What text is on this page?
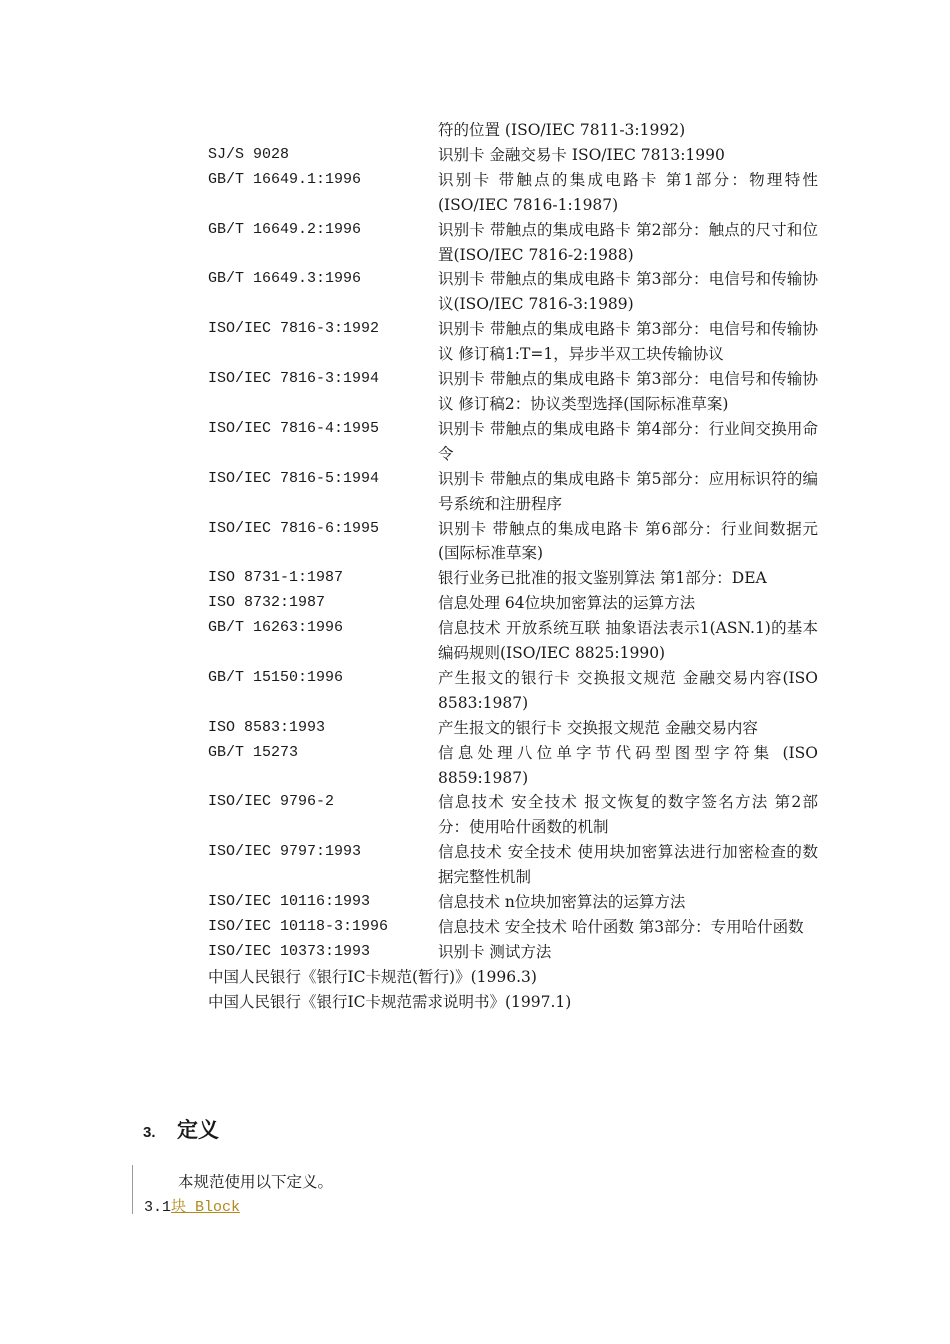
符的位置 (ISO/IEC 7811-3:1992)
SJ/S 9028	识别卡 金融交易卡 ISO/IEC 7813:1990
GB/T 16649.1:1996	识别卡 带触点的集成电路卡 第1部分：物理特性(ISO/IEC 7816-1:1987)
GB/T 16649.2:1996	识别卡 带触点的集成电路卡 第2部分：触点的尺寸和位置(ISO/IEC 7816-2:1988)
GB/T 16649.3:1996	识别卡 带触点的集成电路卡 第3部分：电信号和传输协议(ISO/IEC 7816-3:1989)
ISO/IEC 7816-3:1992	识别卡 带触点的集成电路卡 第3部分：电信号和传输协议 修订稿1:T=1，异步半双工块传输协议
ISO/IEC 7816-3:1994	识别卡 带触点的集成电路卡 第3部分：电信号和传输协议 修订稿2：协议类型选择(国际标准草案)
ISO/IEC 7816-4:1995	识别卡 带触点的集成电路卡 第4部分：行业间交换用命令
ISO/IEC 7816-5:1994	识别卡 带触点的集成电路卡 第5部分：应用标识符的编号系统和注册程序
ISO/IEC 7816-6:1995	识别卡 带触点的集成电路卡 第6部分：行业间数据元(国际标准草案)
ISO 8731-1:1987	银行业务已批准的报文鉴别算法 第1部分：DEA
ISO 8732:1987	信息处理 64位块加密算法的运算方法
GB/T 16263:1996	信息技术 开放系统互联 抽象语法表示1(ASN.1)的基本编码规则(ISO/IEC 8825:1990)
GB/T 15150:1996	产生报文的银行卡 交换报文规范 金融交易内容(ISO 8583:1987)
ISO 8583:1993	产生报文的银行卡 交换报文规范 金融交易内容
GB/T 15273	信息处理八位单字节代码型图型字符集 (ISO 8859:1987)
ISO/IEC 9796-2	信息技术 安全技术 报文恢复的数字签名方法 第2部分：使用哈什函数的机制
ISO/IEC 9797:1993	信息技术 安全技术 使用块加密算法进行加密检查的数据完整性机制
ISO/IEC 10116:1993	信息技术 n位块加密算法的运算方法
ISO/IEC 10118-3:1996	信息技术 安全技术 哈什函数 第3部分：专用哈什函数
ISO/IEC 10373:1993	识别卡 测试方法
中国人民银行《银行IC卡规范(暂行)》(1996.3)
中国人民银行《银行IC卡规范需求说明书》(1997.1)
3.	定义
本规范使用以下定义。
3.1块 Block
